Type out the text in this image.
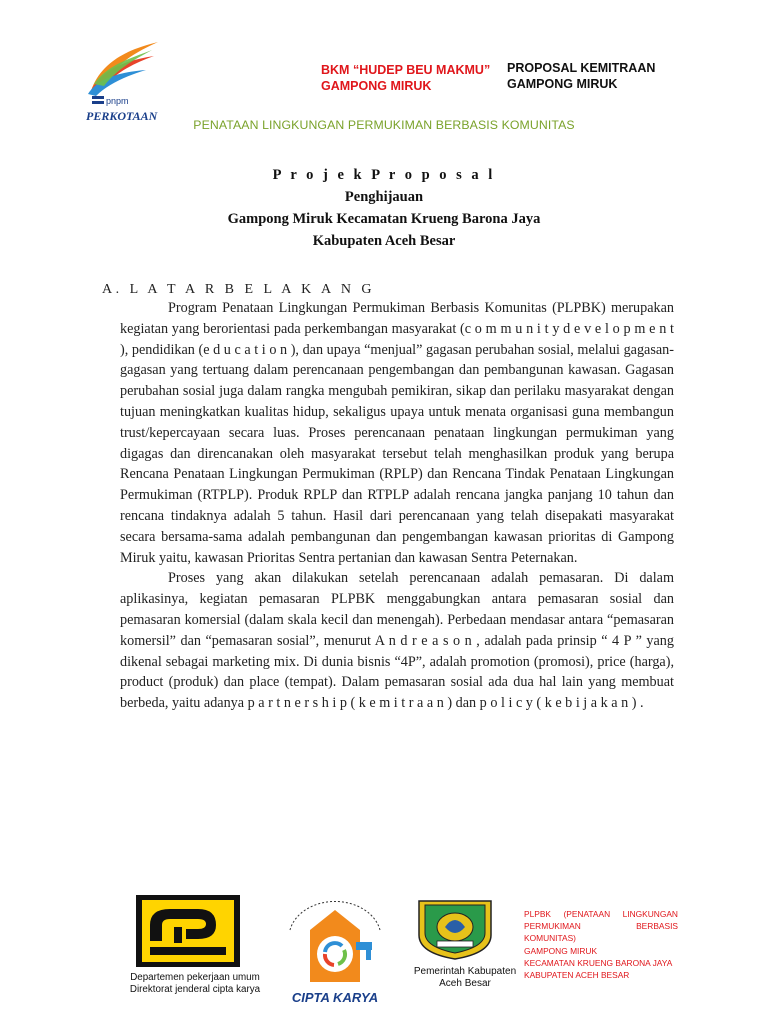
pnpm
PERKOTAAN
BKM “HUDEP BEU MAKMU”
GAMPONG MIRUK
PROPOSAL KEMITRAAN
GAMPONG MIRUK
PENATAAN LINGKUNGAN PERMUKIMAN BERBASIS KOMUNITAS
P r o j e k P r o p o s a l
Penghijauan
Gampong Miruk Kecamatan Krueng Barona Jaya
Kabupaten Aceh Besar
A. L A T A R B E L A K A N G

Program Penataan Lingkungan Permukiman Berbasis Komunitas (PLPBK) merupakan kegiatan yang berorientasi pada perkembangan masyarakat (c o m m u n i t y d e v e l o p m e n t ), pendidikan (e d u c a t i o n ), dan upaya “menjual” gagasan perubahan sosial, melalui gagasan-gagasan yang tertuang dalam perencanaan pengembangan dan pembangunan kawasan. Gagasan perubahan sosial juga dalam rangka mengubah pemikiran, sikap dan perilaku masyarakat dengan tujuan meningkatkan kualitas hidup, sekaligus upaya untuk menata organisasi guna membangun trust/kepercayaan secara luas. Proses perencanaan penataan lingkungan permukiman yang digagas dan direncanakan oleh masyarakat tersebut telah menghasilkan produk yang berupa Rencana Penataan Lingkungan Permukiman (RPLP) dan Rencana Tindak Penataan Lingkungan Permukiman (RTPLP). Produk RPLP dan RTPLP adalah rencana jangka panjang 10 tahun dan rencana tindaknya adalah 5 tahun. Hasil dari perencanaan yang telah disepakati masyarakat secara bersama-sama adalah pembangunan dan pengembangan kawasan prioritas di Gampong Miruk yaitu, kawasan Prioritas Sentra pertanian dan kawasan Sentra Peternakan.

Proses yang akan dilakukan setelah perencanaan adalah pemasaran. Di dalam aplikasinya, kegiatan pemasaran PLPBK menggabungkan antara pemasaran sosial dan pemasaran komersial (dalam skala kecil dan menengah). Perbedaan mendasar antara “pemasaran komersil” dan “pemasaran sosial”, menurut A n d r e a s o n , adalah pada prinsip “ 4 P ” yang dikenal sebagai marketing mix. Di dunia bisnis “4P”, adalah promotion (promosi), price (harga), product (produk) dan place (tempat). Dalam pemasaran sosial ada dua hal lain yang membuat berbeda, yaitu adanya p a r t n e r s h i p ( k e m i t r a a n ) dan p o l i c y ( k e b i j a k a n ) .

Departemen pekerjaan umum
Direktorat jenderal cipta karya
CIPTA KARYA
Pemerintah Kabupaten
Aceh Besar
PLPBK (PENATAAN LINGKUNGAN
PERMUKIMAN BERBASIS
KOMUNITAS)
GAMPONG MIRUK
KECAMATAN KRUENG BARONA JAYA
KABUPATEN ACEH BESAR
